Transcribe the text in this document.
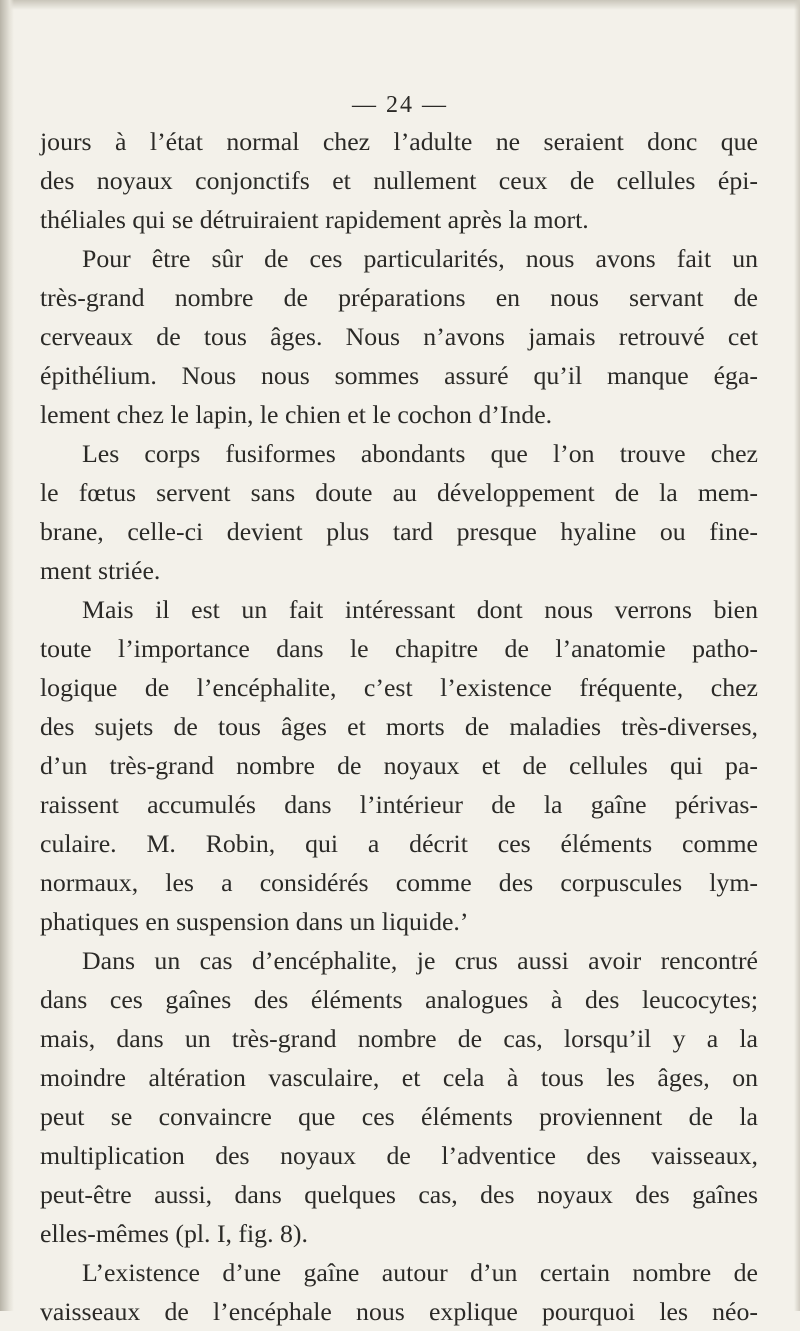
— 24 —
jours à l’état normal chez l’adulte ne seraient donc que
des noyaux conjonctifs et nullement ceux de cellules épi-
théliales qui se détruiraient rapidement après la mort.
Pour être sûr de ces particularités, nous avons fait un
très-grand nombre de préparations en nous servant de
cerveaux de tous âges. Nous n’avons jamais retrouvé cet
épithélium. Nous nous sommes assuré qu’il manque éga-
lement chez le lapin, le chien et le cochon d’Inde.
Les corps fusiformes abondants que l’on trouve chez
le fœtus servent sans doute au développement de la mem-
brane, celle-ci devient plus tard presque hyaline ou fine-
ment striée.
Mais il est un fait intéressant dont nous verrons bien
toute l’importance dans le chapitre de l’anatomie patho-
logique de l’encéphalite, c’est l’existence fréquente, chez
des sujets de tous âges et morts de maladies très-diverses,
d’un très-grand nombre de noyaux et de cellules qui pa-
raissent accumulés dans l’intérieur de la gaîne périvas-
culaire. M. Robin, qui a décrit ces éléments comme
normaux, les a considérés comme des corpuscules lym-
phatiques en suspension dans un liquide.’
Dans un cas d’encéphalite, je crus aussi avoir rencontré
dans ces gaînes des éléments analogues à des leucocytes;
mais, dans un très-grand nombre de cas, lorsqu’il y a la
moindre altération vasculaire, et cela à tous les âges, on
peut se convaincre que ces éléments proviennent de la
multiplication des noyaux de l’adventice des vaisseaux,
peut-être aussi, dans quelques cas, des noyaux des gaînes
elles-mêmes (pl. I, fig. 8).
L’existence d’une gaîne autour d’un certain nombre de
vaisseaux de l’encéphale nous explique pourquoi les néo-
